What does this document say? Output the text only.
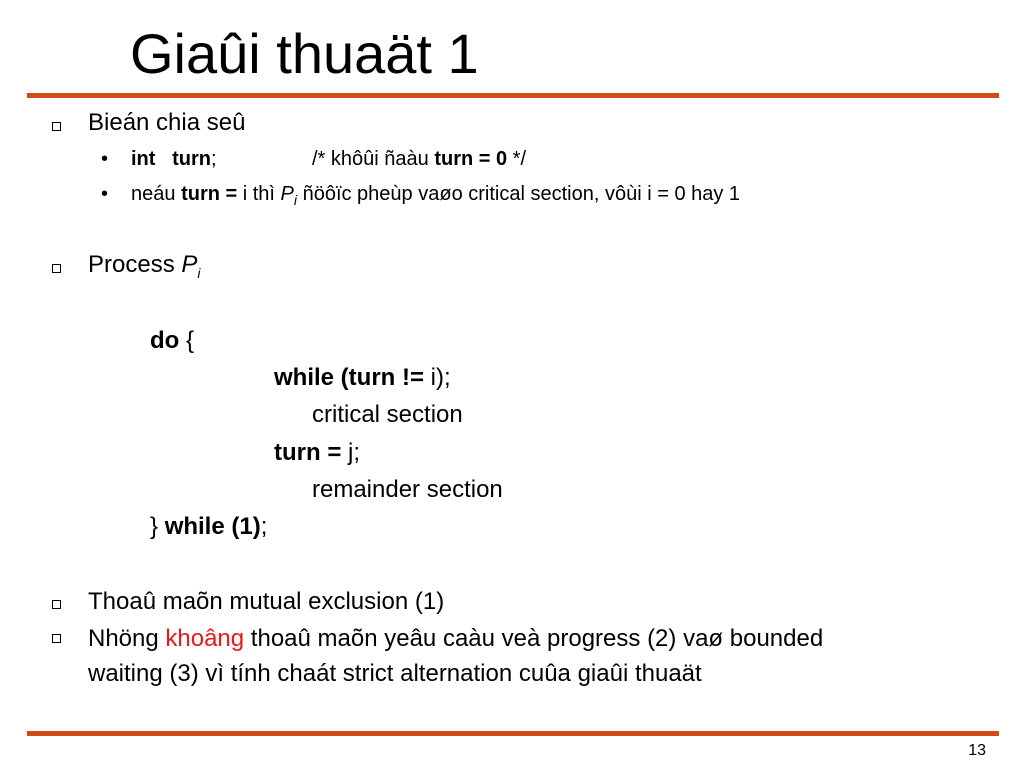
Giaûi thuaät 1
Bieán chia seû
• int turn;	/* khôûi ñaàu turn = 0 */
• neáu turn = i thì $P_i$ ñöôïc pheùp vaøo critical section, vôùi i = 0 hay 1
Process $P_i$
do {
while (turn != i);
critical section
turn = j;
remainder section
} while (1);
Thoaû maõn mutual exclusion (1)
Nhöng khoâng thoaû maõn yeâu caàu veà progress (2) vaø bounded
waiting (3) vì tính chaát strict alternation cuûa giaûi thuaät
13
